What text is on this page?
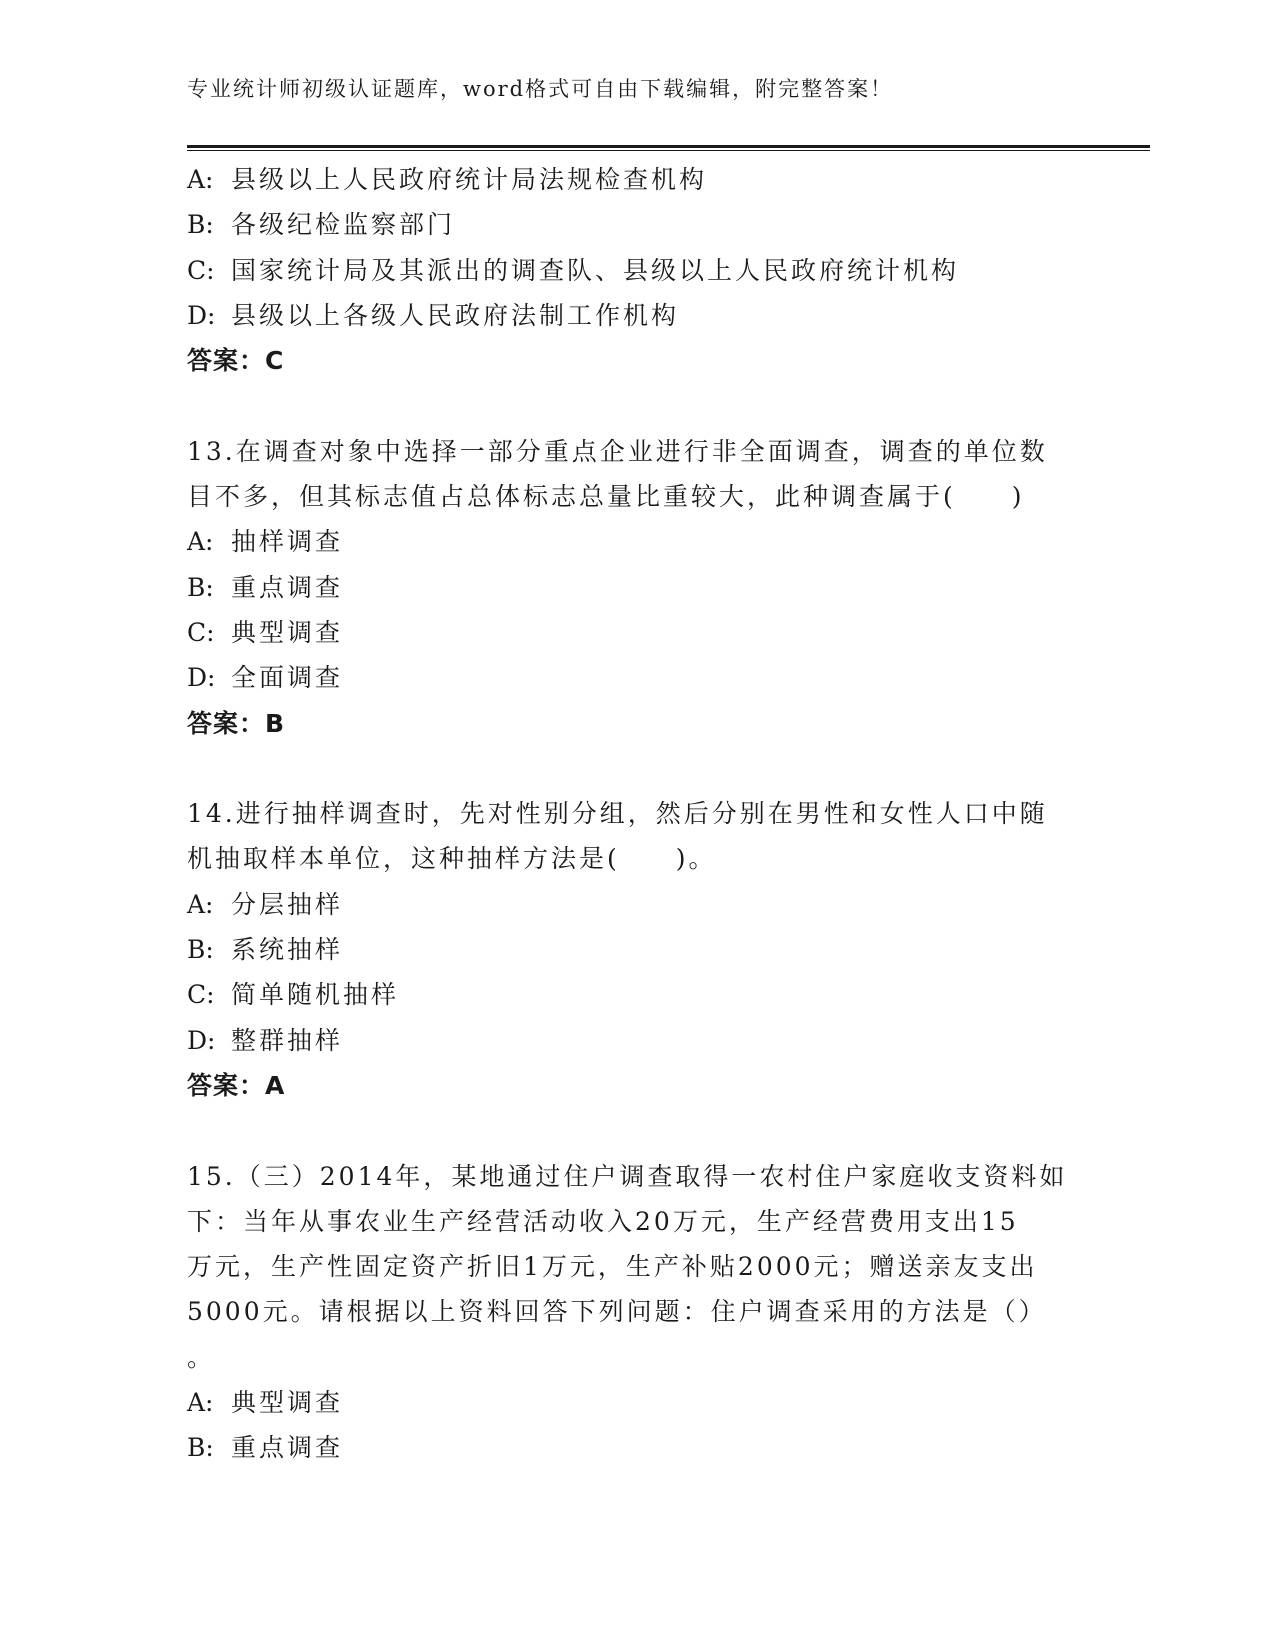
专业统计师初级认证题库，word格式可自由下载编辑，附完整答案！
A: 县级以上人民政府统计局法规检查机构
B: 各级纪检监察部门
C: 国家统计局及其派出的调查队、县级以上人民政府统计机构
D: 县级以上各级人民政府法制工作机构
答案：C
13.在调查对象中选择一部分重点企业进行非全面调查，调查的单位数
目不多，但其标志值占总体标志总量比重较大，此种调查属于(　　)
A: 抽样调查
B: 重点调查
C: 典型调查
D: 全面调查
答案：B
14.进行抽样调查时，先对性别分组，然后分别在男性和女性人口中随
机抽取样本单位，这种抽样方法是(　　)。
A: 分层抽样
B: 系统抽样
C: 简单随机抽样
D: 整群抽样
答案：A
15.（三）2014年，某地通过住户调查取得一农村住户家庭收支资料如
下：当年从事农业生产经营活动收入20万元，生产经营费用支出15
万元，生产性固定资产折旧1万元，生产补贴2000元；赠送亲友支出
5000元。请根据以上资料回答下列问题：住户调查采用的方法是（）
。
A: 典型调查
B: 重点调查
